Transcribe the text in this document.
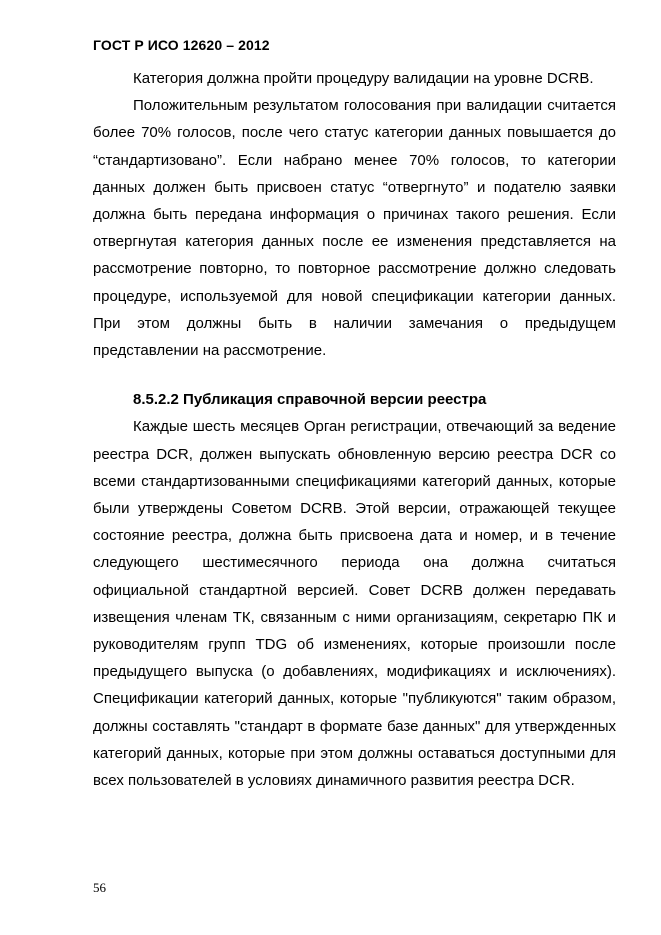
ГОСТ Р ИСО 12620 – 2012

Категория должна пройти процедуру валидации на уровне DCRB.

Положительным результатом голосования при валидации считается более 70% голосов, после чего статус категории данных повышается до “стандартизовано”. Если набрано менее 70% голосов, то категории данных должен быть присвоен статус “отвергнуто” и подателю заявки должна быть передана информация о причинах такого решения. Если отвергнутая категория данных после ее изменения представляется на рассмотрение повторно, то повторное рассмотрение должно следовать процедуре, используемой для новой спецификации категории данных. При этом должны быть в наличии замечания о предыдущем представлении на рассмотрение.

8.5.2.2 Публикация справочной версии реестра

Каждые шесть месяцев Орган регистрации, отвечающий за ведение реестра DCR, должен выпускать обновленную версию реестра DCR со всеми стандартизованными спецификациями категорий данных, которые были утверждены Советом DCRB. Этой версии, отражающей текущее состояние реестра, должна быть присвоена дата и номер, и в течение следующего шестимесячного периода она должна считаться официальной стандартной версией. Совет DCRB должен передавать извещения членам ТК, связанным с ними организациям, секретарю ПК и руководителям групп TDG об изменениях, которые произошли после предыдущего выпуска (о добавлениях, модификациях и исключениях). Спецификации категорий данных, которые "публикуются" таким образом, должны составлять "стандарт в формате базе данных" для утвержденных категорий данных, которые при этом должны оставаться доступными для всех пользователей в условиях динамичного развития реестра DCR.

56
